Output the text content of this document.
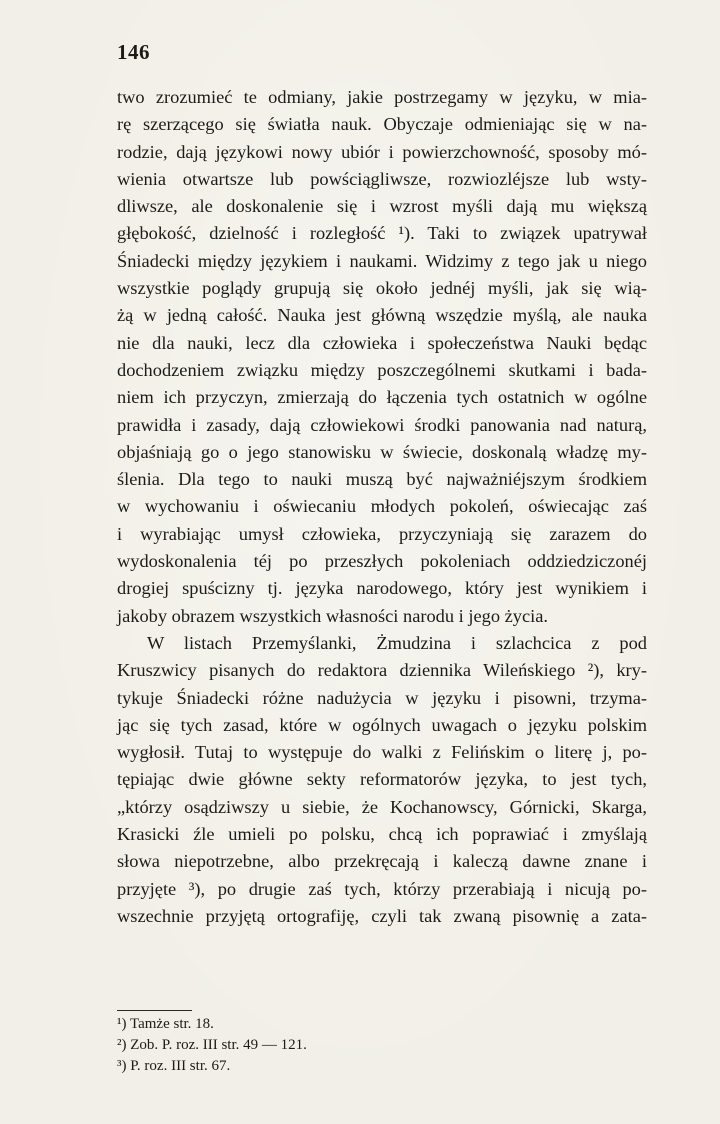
146
two zrozumieć te odmiany, jakie postrzegamy w języku, w mia-
rę szerzącego się światła nauk. Obyczaje odmieniając się w na-
rodzie, dają językowi nowy ubiór i powierzchowność, sposoby mó-
wienia otwartsze lub powściągliwsze, rozwiozléjsze lub wsty-
dliwsze, ale doskonalenie się i wzrost myśli dają mu większą
głębokość, dzielność i rozległość ¹). Taki to związek upatrywał
Śniadecki między językiem i naukami. Widzimy z tego jak u niego
wszystkie poglądy grupują się około jednéj myśli, jak się wią-
żą w jedną całość. Nauka jest główną wszędzie myślą, ale nauka
nie dla nauki, lecz dla człowieka i społeczeństwa Nauki będąc
dochodzeniem związku między poszczególnemi skutkami i bada-
niem ich przyczyn, zmierzają do łączenia tych ostatnich w ogólne
prawidła i zasady, dają człowiekowi środki panowania nad naturą,
objaśniają go o jego stanowisku w świecie, doskonalą władzę my-
ślenia. Dla tego to nauki muszą być najważniéjszym środkiem
w wychowaniu i oświecaniu młodych pokoleń, oświecając zaś
i wyrabiając umysł człowieka, przyczyniają się zarazem do
wydoskonalenia téj po przeszłych pokoleniach oddziedziczonéj
drogiej spuścizny tj. języka narodowego, który jest wynikiem i
jakoby obrazem wszystkich własności narodu i jego życia.
W listach Przemyślanki, Żmudzina i szlachcica z pod
Kruszwicy pisanych do redaktora dziennika Wileńskiego ²), kry-
tykuje Śniadecki różne nadużycia w języku i pisowni, trzyma-
jąc się tych zasad, które w ogólnych uwagach o języku polskim
wygłosił. Tutaj to występuje do walki z Felińskim o literę j, po-
tępiając dwie główne sekty reformatorów języka, to jest tych,
„którzy osądziwszy u siebie, że Kochanowscy, Górnicki, Skarga,
Krasicki źle umieli po polsku, chcą ich poprawiać i zmyślają
słowa niepotrzebne, albo przekręcają i kaleczą dawne znane i
przyjęte ³), po drugie zaś tych, którzy przerabiają i nicują po-
wszechnie przyjętą ortografiję, czyli tak zwaną pisownię a zata-
¹) Tamże str. 18.
²) Zob. P. roz. III str. 49 — 121.
³) P. roz. III str. 67.
